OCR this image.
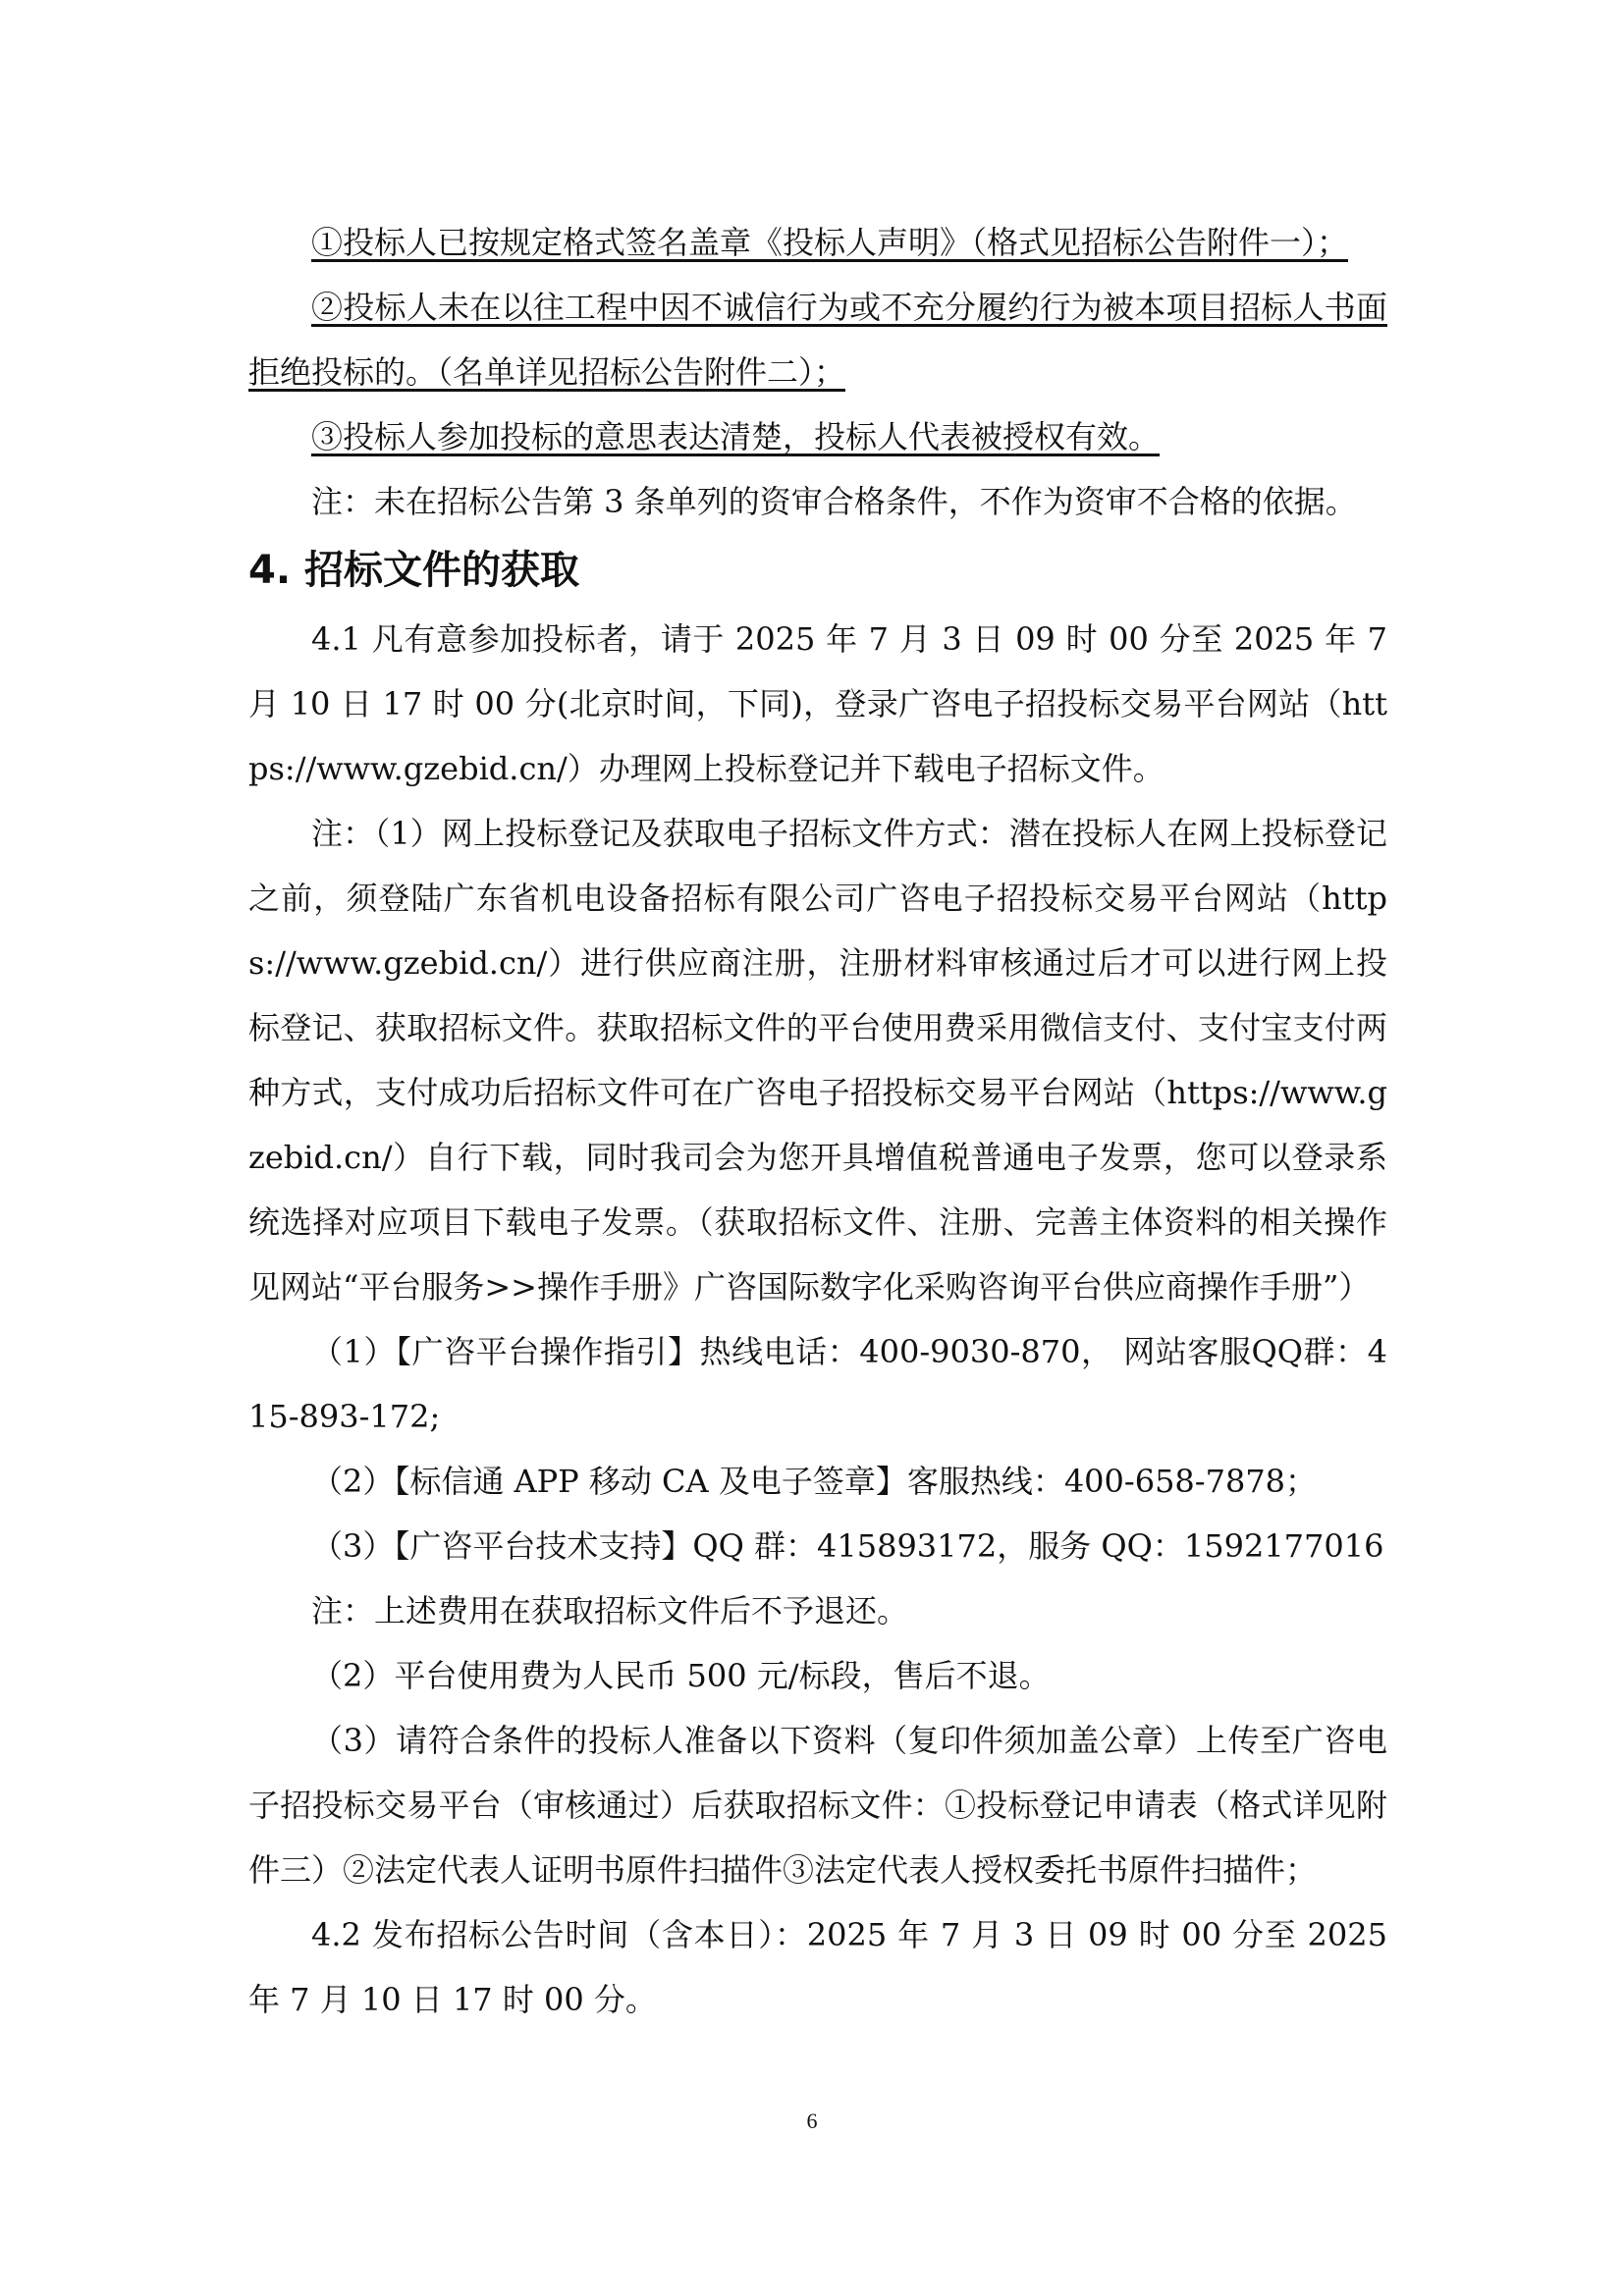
①投标人已按规定格式签名盖章《投标人声明》（格式见招标公告附件一）；

②投标人未在以往工程中因不诚信行为或不充分履约行为被本项目招标人书面拒绝投标的。（名单详见招标公告附件二）；

③投标人参加投标的意思表达清楚，投标人代表被授权有效。

注：未在招标公告第 3 条单列的资审合格条件，不作为资审不合格的依据。

4. 招标文件的获取

4.1 凡有意参加投标者，请于 2025 年 7 月 3 日 09 时 00 分至 2025 年 7 月 10 日 17 时 00 分(北京时间，下同)，登录广咨电子招投标交易平台网站（https://www.gzebid.cn/）办理网上投标登记并下载电子招标文件。

注：（1）网上投标登记及获取电子招标文件方式：潜在投标人在网上投标登记之前，须登陆广东省机电设备招标有限公司广咨电子招投标交易平台网站（https://www.gzebid.cn/）进行供应商注册，注册材料审核通过后才可以进行网上投标登记、获取招标文件。获取招标文件的平台使用费采用微信支付、支付宝支付两种方式，支付成功后招标文件可在广咨电子招投标交易平台网站（https://www.gzebid.cn/）自行下载，同时我司会为您开具增值税普通电子发票，您可以登录系统选择对应项目下载电子发票。（获取招标文件、注册、完善主体资料的相关操作见网站“平台服务>>操作手册》广咨国际数字化采购咨询平台供应商操作手册”）

（1）【广咨平台操作指引】热线电话：400-9030-870， 网站客服QQ群：415-893-172;

（2）【标信通 APP 移动 CA 及电子签章】客服热线：400-658-7878；

（3）【广咨平台技术支持】QQ 群：415893172，服务 QQ：1592177016

注：上述费用在获取招标文件后不予退还。

（2）平台使用费为人民币 500 元/标段，售后不退。

（3）请符合条件的投标人准备以下资料（复印件须加盖公章）上传至广咨电子招投标交易平台（审核通过）后获取招标文件：①投标登记申请表（格式详见附件三）②法定代表人证明书原件扫描件③法定代表人授权委托书原件扫描件；

4.2 发布招标公告时间（含本日）：2025 年 7 月 3 日 09 时 00 分至 2025 年 7 月 10 日 17 时 00 分。

6
